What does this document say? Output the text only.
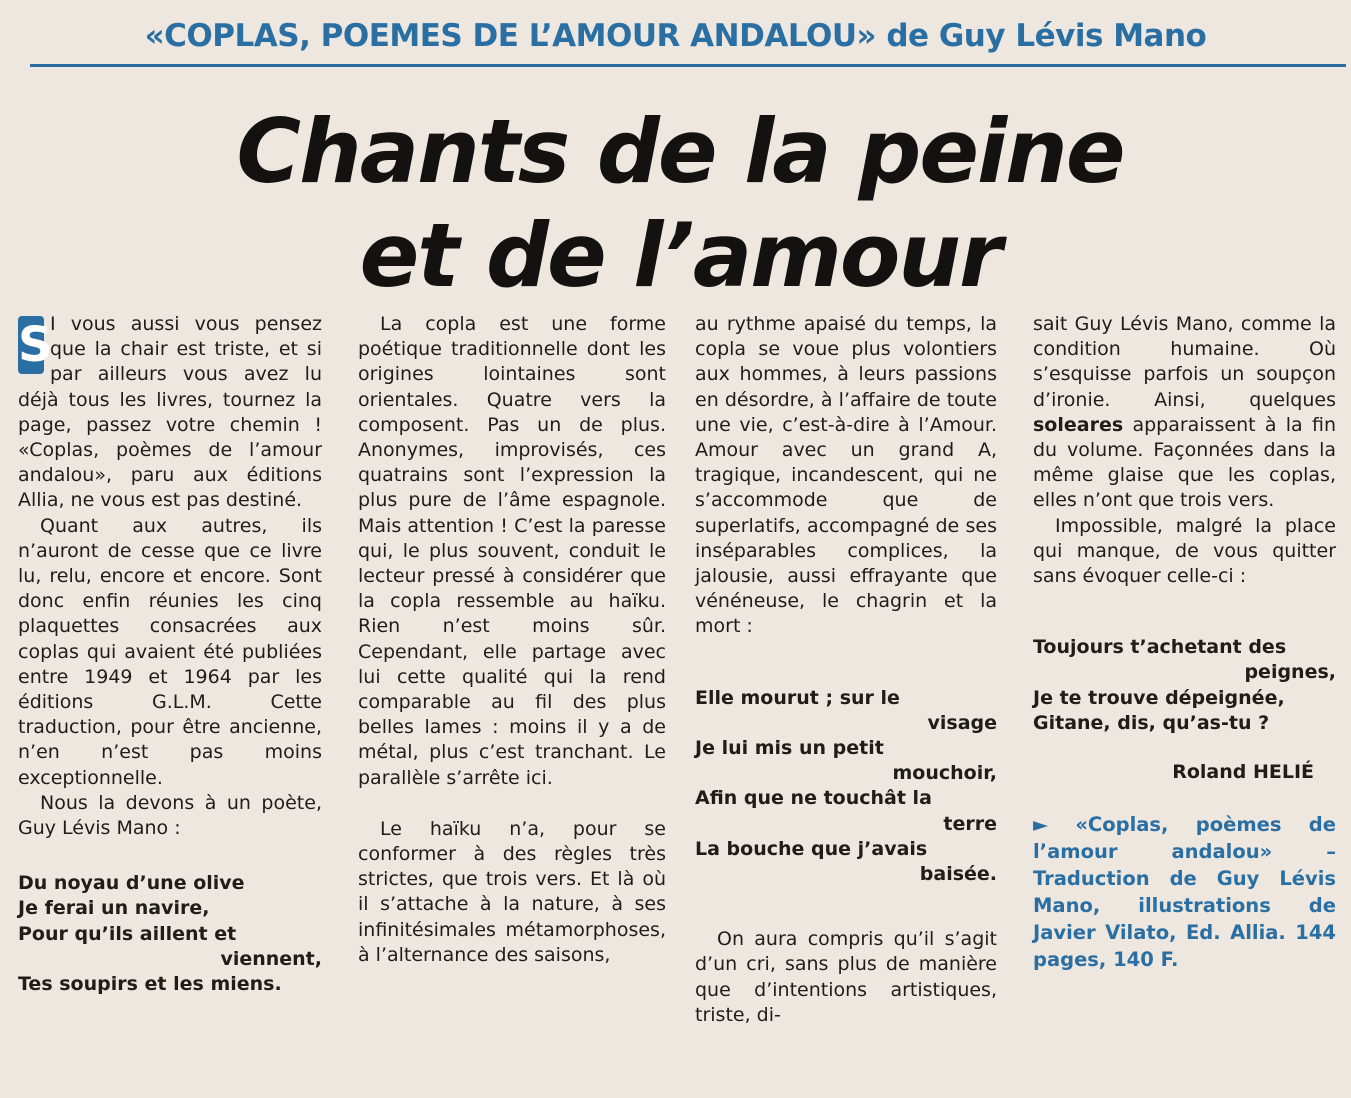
«COPLAS, POEMES DE L’AMOUR ANDALOU» de Guy Lévis Mano
Chants de la peine
et de l’amour

S
I vous aussi vous pensez que la chair est triste, et si par ailleurs vous avez lu déjà tous les livres, tournez la page, passez votre chemin ! «Coplas, poèmes de l’amour andalou», paru aux éditions Allia, ne vous est pas destiné.

Quant aux autres, ils n’auront de cesse que ce livre lu, relu, encore et encore. Sont donc enfin réunies les cinq plaquettes consacrées aux coplas qui avaient été publiées entre 1949 et 1964 par les éditions G.L.M. Cette traduction, pour être ancienne, n’en n’est pas moins exceptionnelle.

Nous la devons à un poète, Guy Lévis Mano :

Du noyau d’une olive
Je ferai un navire,
Pour qu’ils aillent et
viennent,
Tes soupirs et les miens.

La copla est une forme poétique traditionnelle dont les origines lointaines sont orientales. Quatre vers la composent. Pas un de plus. Anonymes, improvisés, ces quatrains sont l’expression la plus pure de l’âme espagnole. Mais attention ! C’est la paresse qui, le plus souvent, conduit le lecteur pressé à considérer que la copla ressemble au haïku. Rien n’est moins sûr. Cependant, elle partage avec lui cette qualité qui la rend comparable au fil des plus belles lames : moins il y a de métal, plus c’est tranchant. Le parallèle s’arrête ici.

Le haïku n’a, pour se conformer à des règles très strictes, que trois vers. Et là où il s’attache à la nature, à ses infinitésimales métamorphoses, à l’alternance des saisons,

au rythme apaisé du temps, la copla se voue plus volontiers aux hommes, à leurs passions en désordre, à l’affaire de toute une vie, c’est-à-dire à l’Amour. Amour avec un grand A, tragique, incandescent, qui ne s’accommode que de superlatifs, accompagné de ses inséparables complices, la jalousie, aussi effrayante que vénéneuse, le chagrin et la mort :

Elle mourut ; sur le
visage
Je lui mis un petit
mouchoir,
Afin que ne touchât la
terre
La bouche que j’avais
baisée.

On aura compris qu’il s’agit d’un cri, sans plus de manière que d’intentions artistiques, triste, di-

sait Guy Lévis Mano, comme la condition humaine. Où s’esquisse parfois un soupçon d’ironie. Ainsi, quelques soleares apparaissent à la fin du volume. Façonnées dans la même glaise que les coplas, elles n’ont que trois vers.

Impossible, malgré la place qui manque, de vous quitter sans évoquer celle-ci :

Toujours t’achetant des
peignes,
Je te trouve dépeignée,
Gitane, dis, qu’as-tu ?
Roland HELIÉ
► «Coplas, poèmes de l’amour andalou» – Traduction de Guy Lévis Mano, illustrations de Javier Vilato, Ed. Allia. 144 pages, 140 F.
